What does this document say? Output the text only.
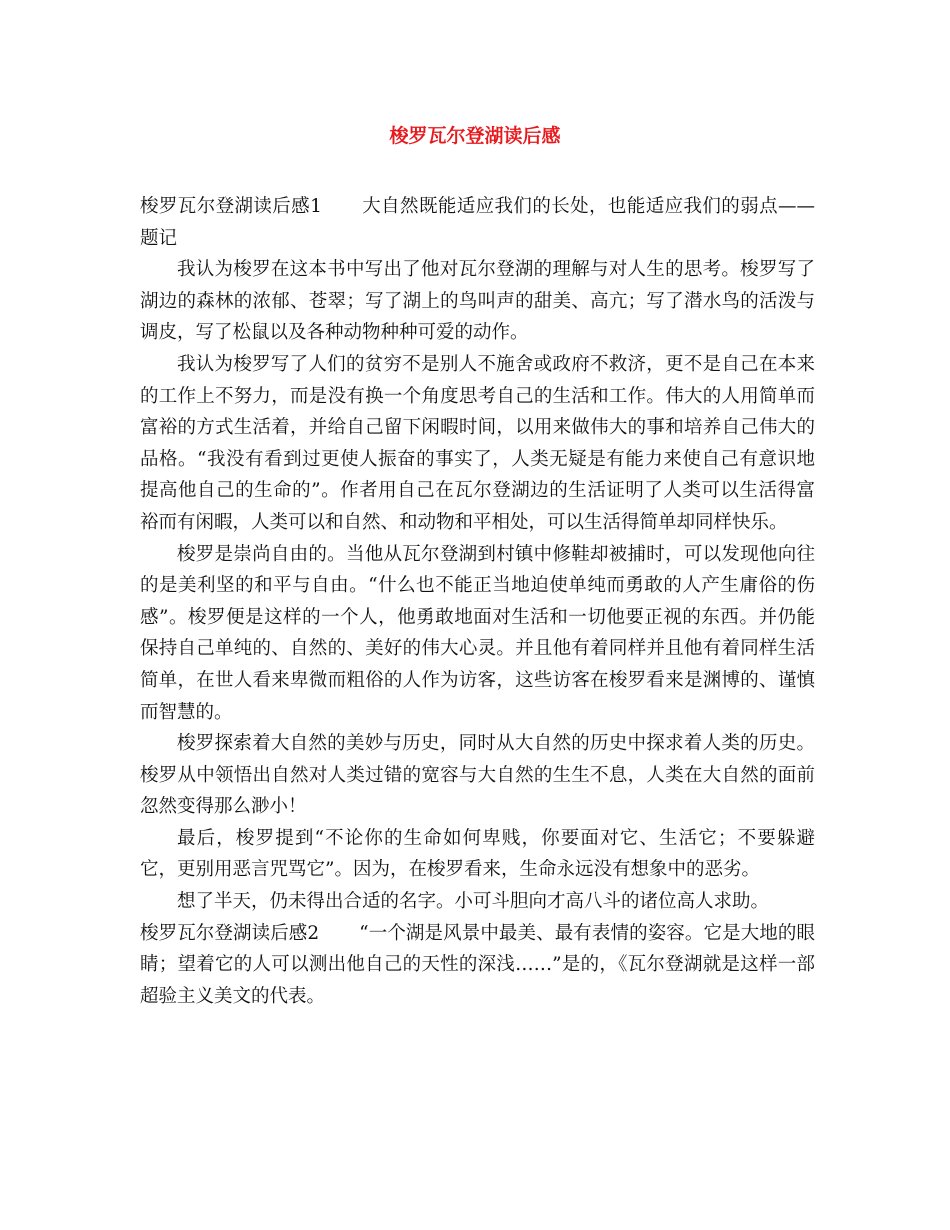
梭罗瓦尔登湖读后感

梭罗瓦尔登湖读后感1 大自然既能适应我们的长处，也能适应我们的弱点——题记

我认为梭罗在这本书中写出了他对瓦尔登湖的理解与对人生的思考。梭罗写了湖边的森林的浓郁、苍翠；写了湖上的鸟叫声的甜美、高亢；写了潜水鸟的活泼与调皮，写了松鼠以及各种动物种种可爱的动作。

我认为梭罗写了人们的贫穷不是别人不施舍或政府不救济，更不是自己在本来的工作上不努力，而是没有换一个角度思考自己的生活和工作。伟大的人用简单而富裕的方式生活着，并给自己留下闲暇时间，以用来做伟大的事和培养自己伟大的品格。“我没有看到过更使人振奋的事实了，人类无疑是有能力来使自己有意识地提高他自己的生命的”。作者用自己在瓦尔登湖边的生活证明了人类可以生活得富裕而有闲暇，人类可以和自然、和动物和平相处，可以生活得简单却同样快乐。

梭罗是崇尚自由的。当他从瓦尔登湖到村镇中修鞋却被捕时，可以发现他向往的是美利坚的和平与自由。“什么也不能正当地迫使单纯而勇敢的人产生庸俗的伤感”。梭罗便是这样的一个人，他勇敢地面对生活和一切他要正视的东西。并仍能保持自己单纯的、自然的、美好的伟大心灵。并且他有着同样并且他有着同样生活简单，在世人看来卑微而粗俗的人作为访客，这些访客在梭罗看来是渊博的、谨慎而智慧的。

梭罗探索着大自然的美妙与历史，同时从大自然的历史中探求着人类的历史。梭罗从中领悟出自然对人类过错的宽容与大自然的生生不息，人类在大自然的面前忽然变得那么渺小！

最后，梭罗提到“不论你的生命如何卑贱，你要面对它、生活它；不要躲避它，更别用恶言咒骂它”。因为，在梭罗看来，生命永远没有想象中的恶劣。

想了半天，仍未得出合适的名字。小可斗胆向才高八斗的诸位高人求助。

梭罗瓦尔登湖读后感2 “一个湖是风景中最美、最有表情的姿容。它是大地的眼睛；望着它的人可以测出他自己的天性的深浅……”是的，《瓦尔登湖就是这样一部超验主义美文的代表。
